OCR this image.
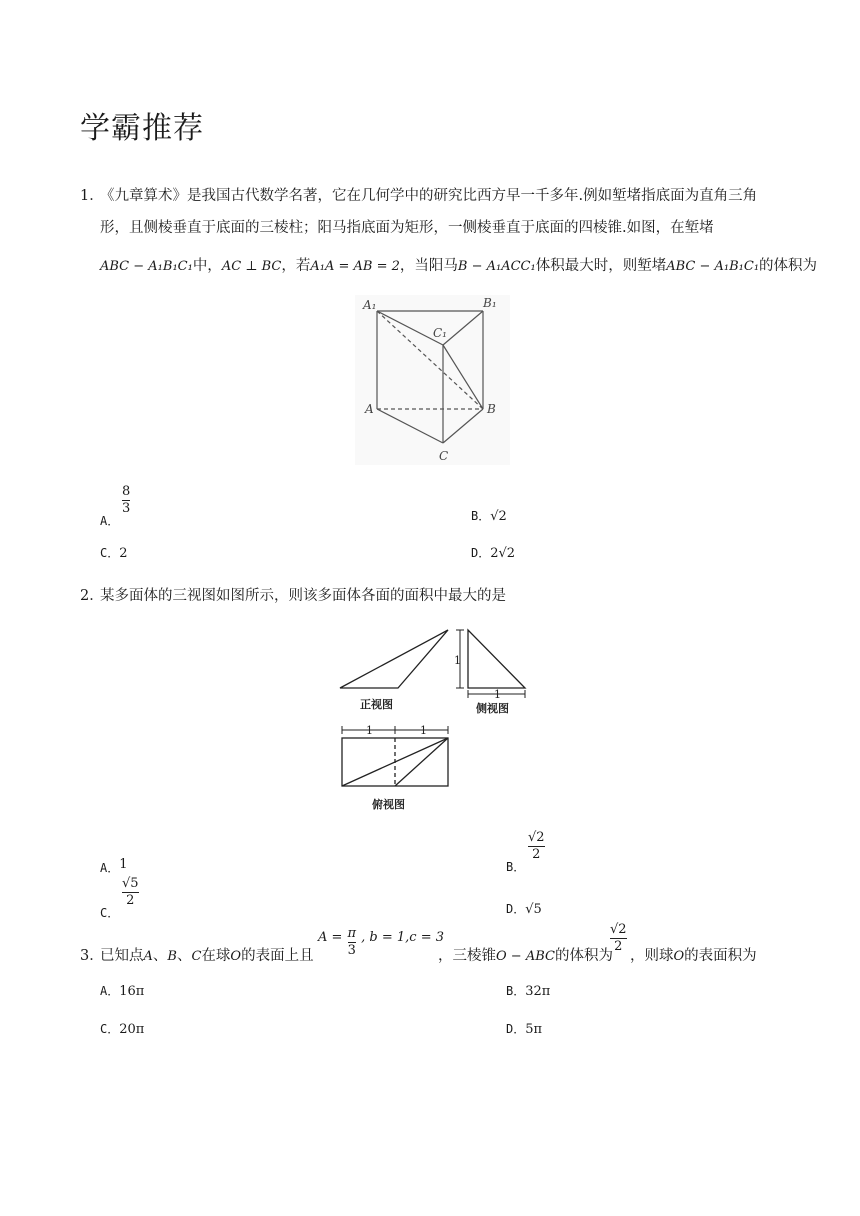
学霸推荐
1．
《九章算术》是我国古代数学名著，它在几何学中的研究比西方早一千多年.例如堑堵指底面为直角三角
形，且侧棱垂直于底面的三棱柱；阳马指底面为矩形，一侧棱垂直于底面的四棱锥.如图，在堑堵
ABC − A₁B₁C₁中，AC ⊥ BC，若A₁A = AB = 2，当阳马B − A₁ACC₁体积最大时，则堑堵ABC − A₁B₁C₁的体积为
A₁	B₁
C₁
A	B
C
A．
8
3	B．√2
C．2	D．2√2
2．
某多面体的三视图如图所示，则该多面体各面的面积中最大的是
正视图	侧视图
俯视图
1
1
1	1
A．1	B．
√2
2
C．
√5
2
D．√5
3．
已知点A、B、C在球O的表面上且
$^{A =} \frac{\pi}{3} ^{, b = 1,c = 3}$
，三棱锥O − ABC的体积为
$\frac{√2}{2}$
，则球O的表面积为
A．16π	B．32π
C．20π	D．5π
